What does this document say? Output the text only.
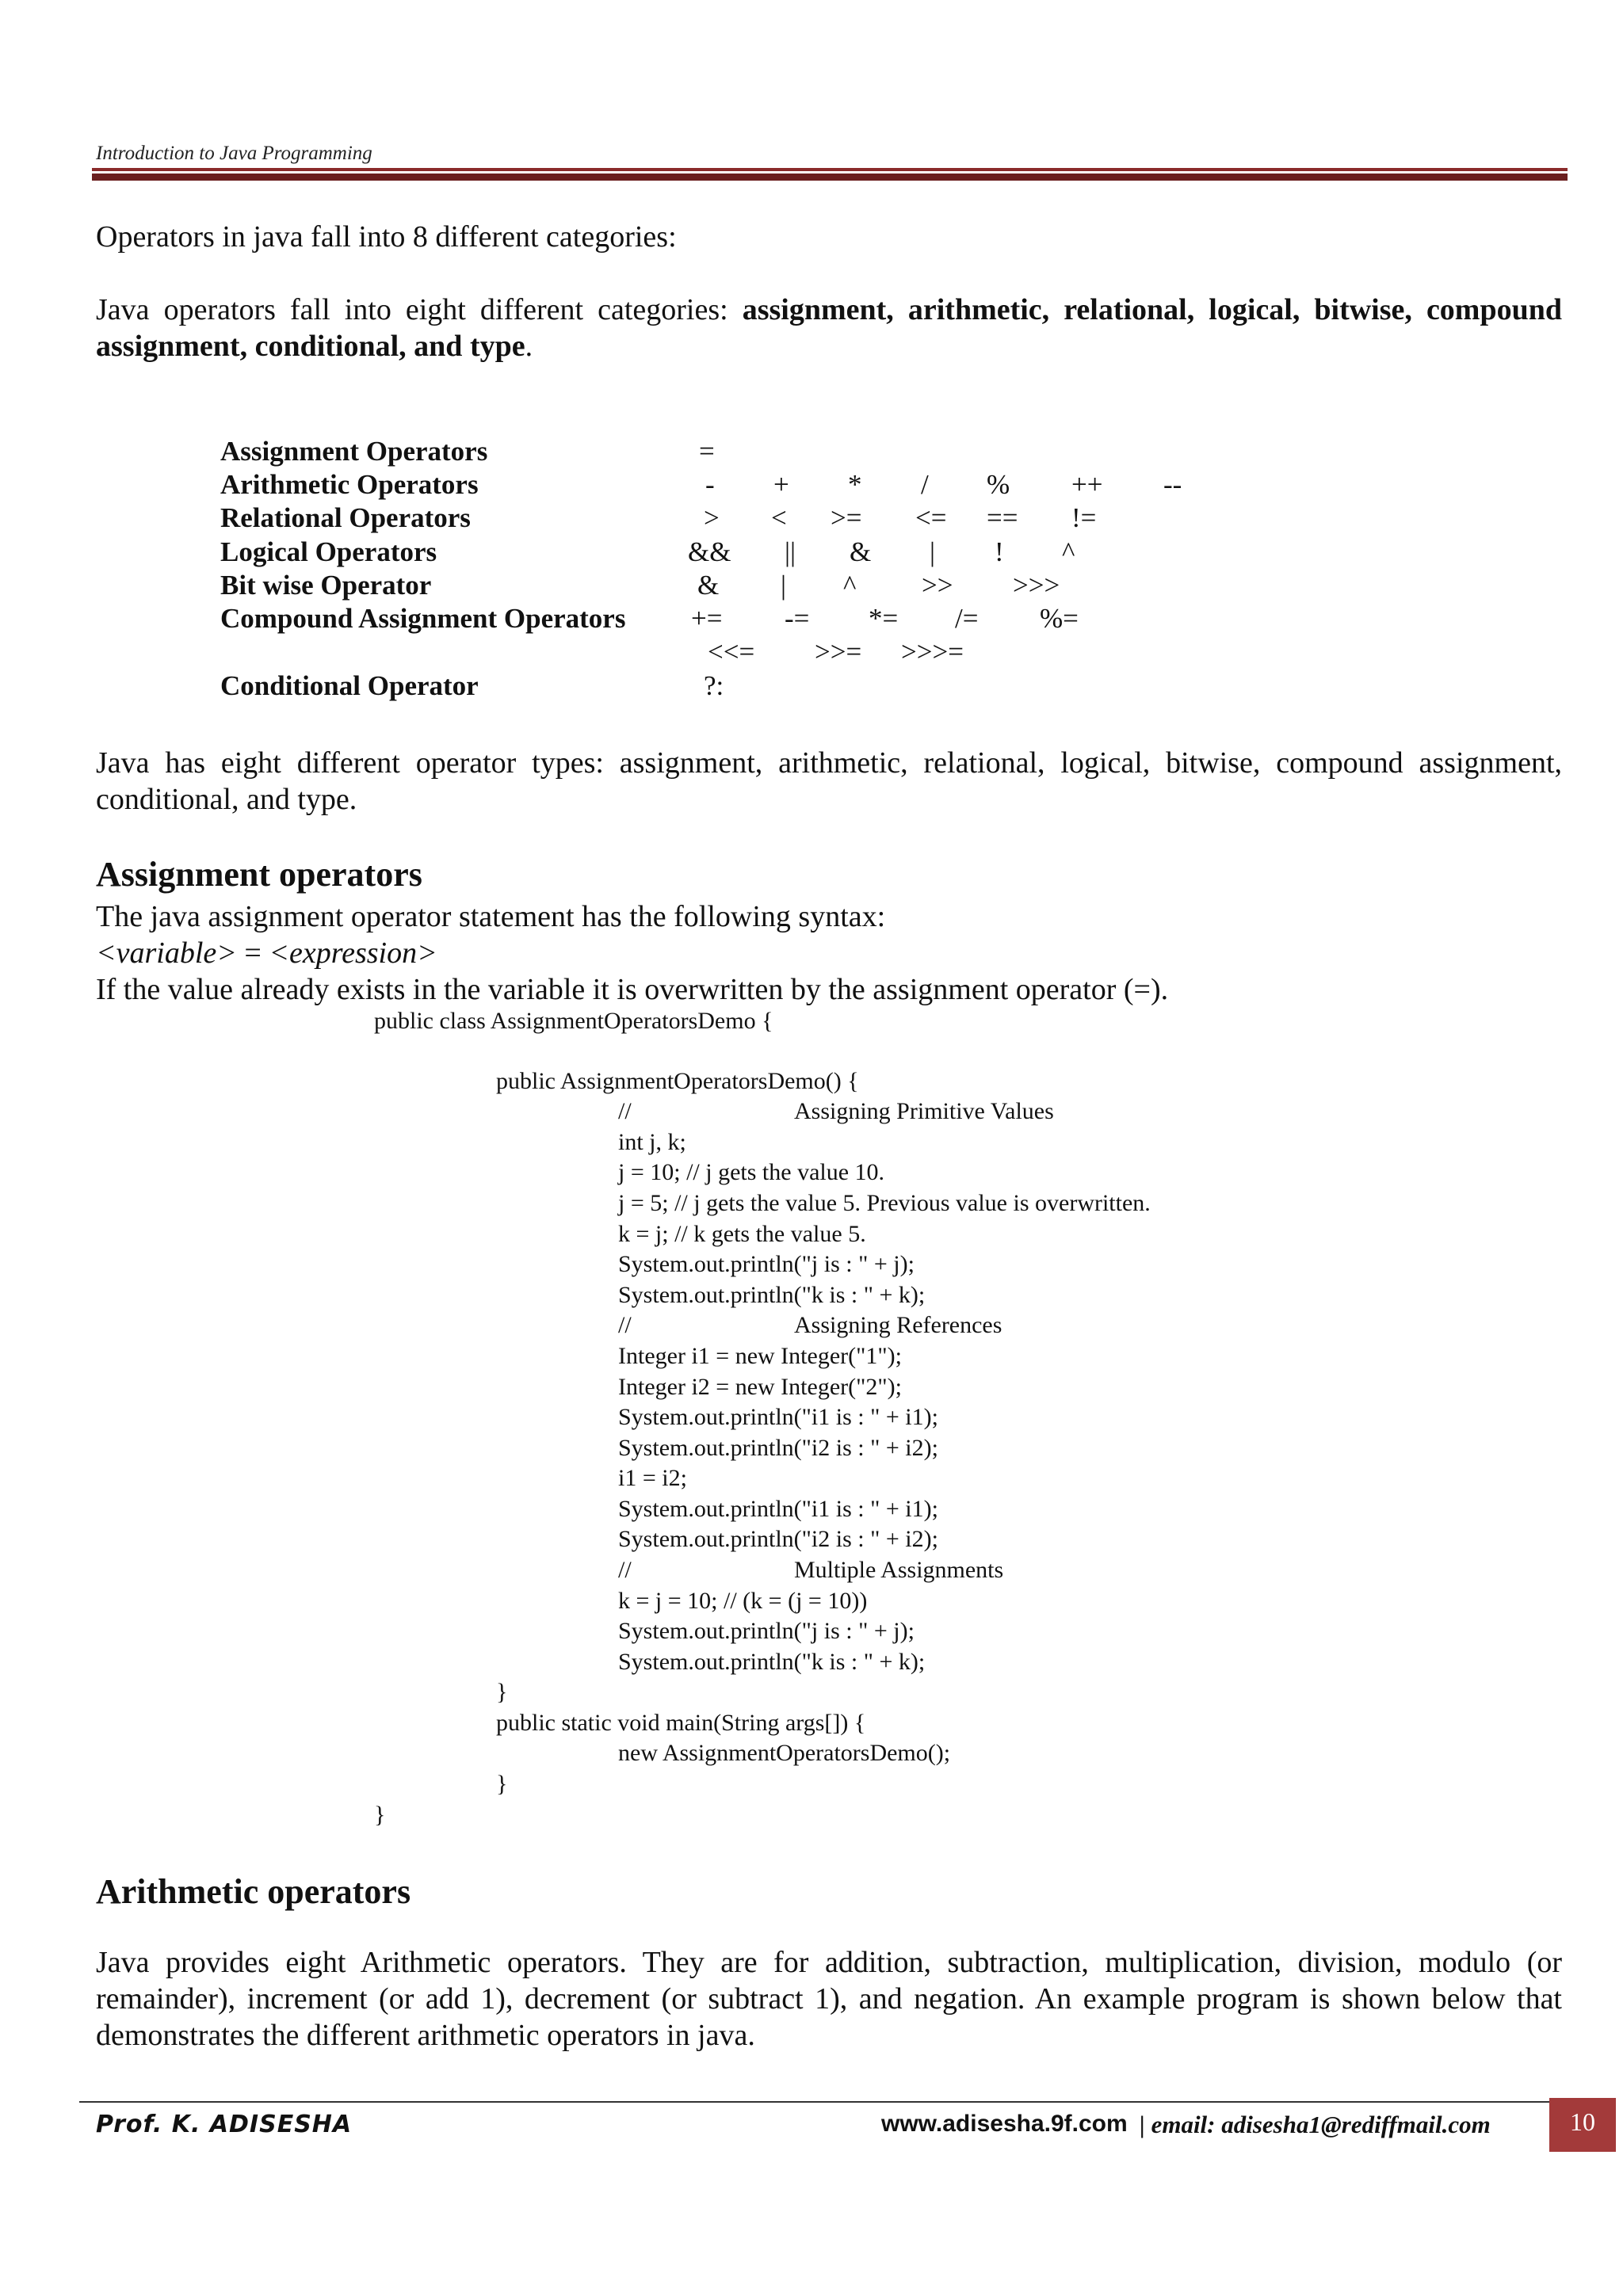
Introduction to Java Programming
Operators in java fall into 8 different categories:
Java operators fall into eight different categories: assignment, arithmetic, relational, logical, bitwise, compound assignment, conditional, and type.
Assignment Operators	=
Arithmetic Operators	- + * / % ++ --
Relational Operators	> < >= <= == !=
Logical Operators	&& || & | ! ^
Bit wise Operator	& | ^ >> >>>
Compound Assignment Operators += -= *= /= %=
<<= >>= >>>=
Conditional Operator	?:
Java has eight different operator types: assignment, arithmetic, relational, logical, bitwise, compound assignment, conditional, and type.
Assignment operators
The java assignment operator statement has the following syntax:
<variable> = <expression>
If the value already exists in the variable it is overwritten by the assignment operator (=).
public class AssignmentOperatorsDemo {
public AssignmentOperatorsDemo() {
//	Assigning Primitive Values
int j, k;
j = 10; // j gets the value 10.
j = 5; // j gets the value 5. Previous value is overwritten.
k = j; // k gets the value 5.
System.out.println("j is : " + j);
System.out.println("k is : " + k);
//	Assigning References
Integer i1 = new Integer("1");
Integer i2 = new Integer("2");
System.out.println("i1 is : " + i1);
System.out.println("i2 is : " + i2);
i1 = i2;
System.out.println("i1 is : " + i1);
System.out.println("i2 is : " + i2);
//	Multiple Assignments
k = j = 10; // (k = (j = 10))
System.out.println("j is : " + j);
System.out.println("k is : " + k);
}
public static void main(String args[]) {
new AssignmentOperatorsDemo();
}
}
Arithmetic operators
Java provides eight Arithmetic operators. They are for addition, subtraction, multiplication, division, modulo (or remainder), increment (or add 1), decrement (or subtract 1), and negation. An example program is shown below that demonstrates the different arithmetic operators in java.
Prof. K. ADISESHA	www.adisesha.9f.com | email: adisesha1@rediffmail.com	10
